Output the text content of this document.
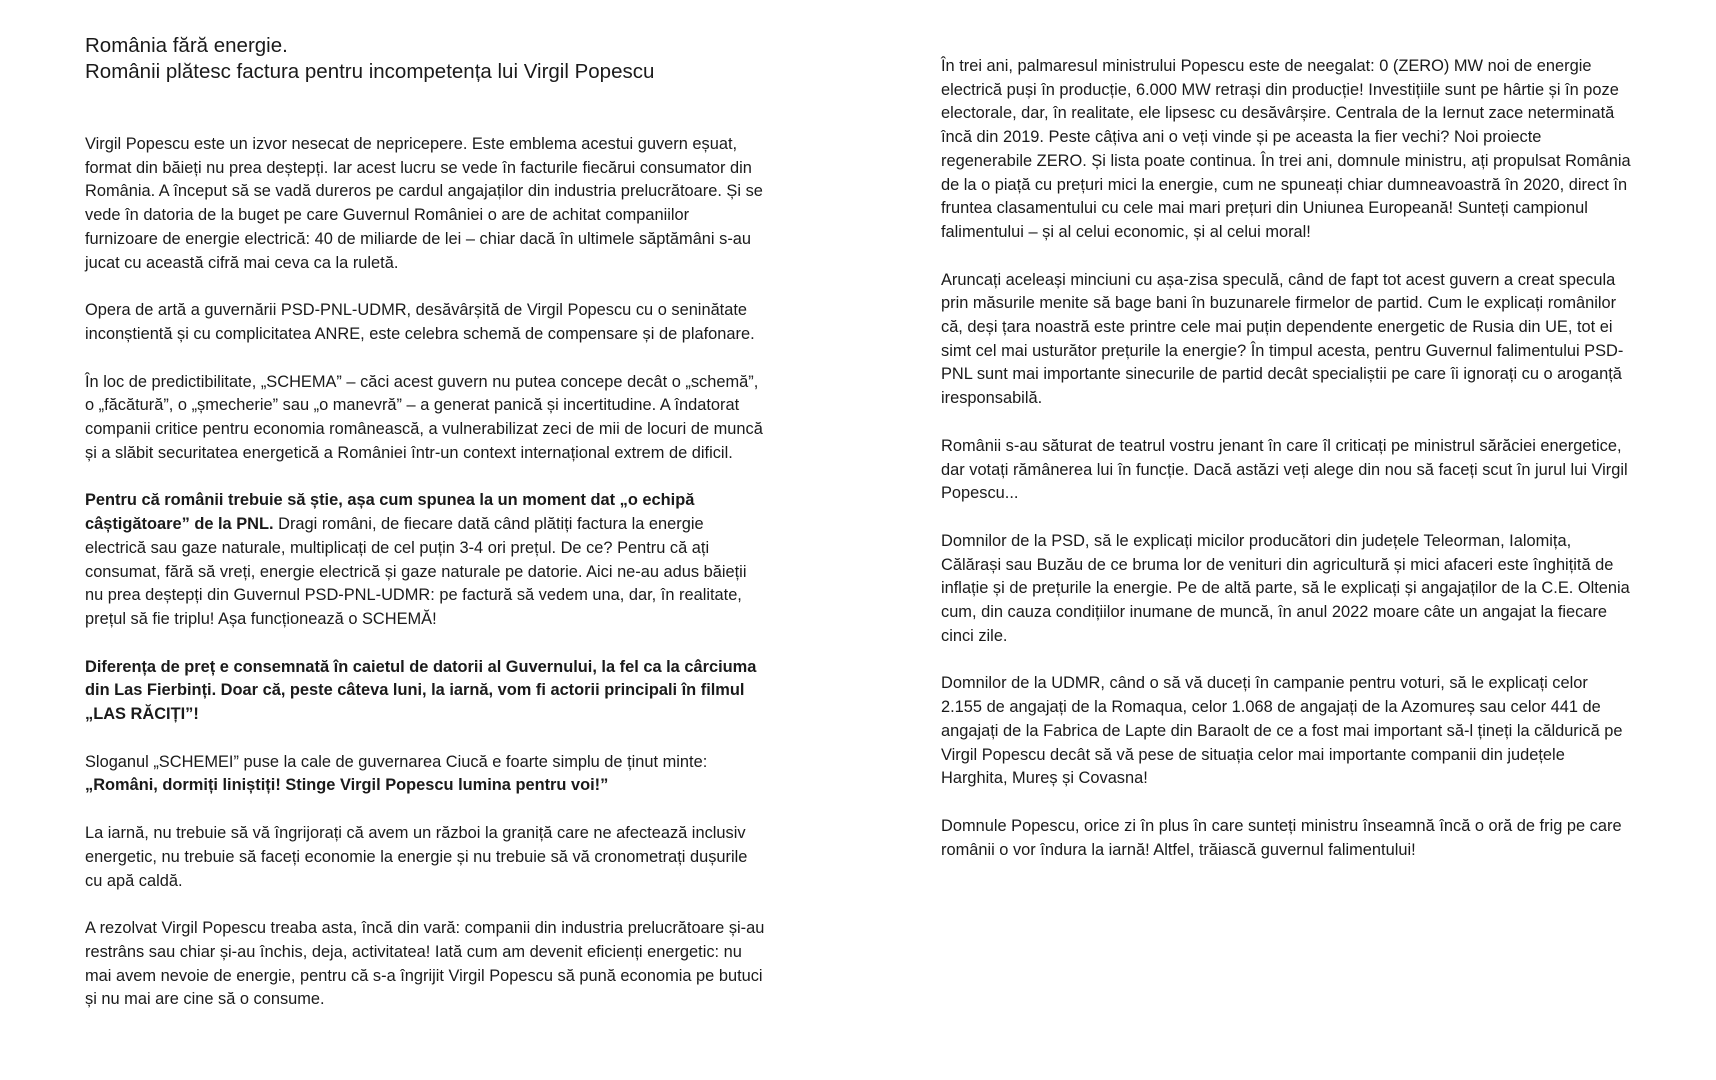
România fără energie.
Românii plătesc factura pentru incompetența lui Virgil Popescu

Virgil Popescu este un izvor nesecat de nepricepere. Este emblema acestui guvern eșuat, format din băieți nu prea deștepți. Iar acest lucru se vede în facturile fiecărui consumator din România. A început să se vadă dureros pe cardul angajaților din industria prelucrătoare. Și se vede în datoria de la buget pe care Guvernul României o are de achitat companiilor furnizoare de energie electrică: 40 de miliarde de lei – chiar dacă în ultimele săptămâni s-au jucat cu această cifră mai ceva ca la ruletă.

Opera de artă a guvernării PSD-PNL-UDMR, desăvârșită de Virgil Popescu cu o seninătate inconștientă și cu complicitatea ANRE, este celebra schemă de compensare și de plafonare.

În loc de predictibilitate, „SCHEMA” – căci acest guvern nu putea concepe decât o „schemă”, o „făcătură”, o „șmecherie” sau „o manevră” – a generat panică și incertitudine. A îndatorat companii critice pentru economia românească, a vulnerabilizat zeci de mii de locuri de muncă și a slăbit securitatea energetică a României într-un context internațional extrem de dificil.

Pentru că românii trebuie să știe, așa cum spunea la un moment dat „o echipă câștigătoare” de la PNL. Dragi români, de fiecare dată când plătiți factura la energie electrică sau gaze naturale, multiplicați de cel puțin 3-4 ori prețul. De ce? Pentru că ați consumat, fără să vreți, energie electrică și gaze naturale pe datorie. Aici ne-au adus băieții nu prea deștepți din Guvernul PSD-PNL-UDMR: pe factură să vedem una, dar, în realitate, prețul să fie triplu! Așa funcționează o SCHEMĂ!

Diferența de preț e consemnată în caietul de datorii al Guvernului, la fel ca la cârciuma din Las Fierbinți. Doar că, peste câteva luni, la iarnă, vom fi actorii principali în filmul „LAS RĂCIȚI”!

Sloganul „SCHEMEI” puse la cale de guvernarea Ciucă e foarte simplu de ținut minte: „Români, dormiți liniștiți! Stinge Virgil Popescu lumina pentru voi!”

La iarnă, nu trebuie să vă îngrijorați că avem un război la graniță care ne afectează inclusiv energetic, nu trebuie să faceți economie la energie și nu trebuie să vă cronometrați dușurile cu apă caldă.

A rezolvat Virgil Popescu treaba asta, încă din vară: companii din industria prelucrătoare și-au restrâns sau chiar și-au închis, deja, activitatea! Iată cum am devenit eficienți energetic: nu mai avem nevoie de energie, pentru că s-a îngrijit Virgil Popescu să pună economia pe butuci și nu mai are cine să o consume.

În trei ani, palmaresul ministrului Popescu este de neegalat: 0 (ZERO) MW noi de energie electrică puși în producție, 6.000 MW retrași din producție! Investițiile sunt pe hârtie și în poze electorale, dar, în realitate, ele lipsesc cu desăvârșire. Centrala de la Iernut zace neterminată încă din 2019. Peste câțiva ani o veți vinde și pe aceasta la fier vechi? Noi proiecte regenerabile ZERO. Și lista poate continua. În trei ani, domnule ministru, ați propulsat România de la o piață cu prețuri mici la energie, cum ne spuneați chiar dumneavoastră în 2020, direct în fruntea clasamentului cu cele mai mari prețuri din Uniunea Europeană! Sunteți campionul falimentului – și al celui economic, și al celui moral!

Aruncați aceleași minciuni cu așa-zisa speculă, când de fapt tot acest guvern a creat specula prin măsurile menite să bage bani în buzunarele firmelor de partid. Cum le explicați românilor că, deși țara noastră este printre cele mai puțin dependente energetic de Rusia din UE, tot ei simt cel mai usturător prețurile la energie? În timpul acesta, pentru Guvernul falimentului PSD-PNL sunt mai importante sinecurile de partid decât specialiștii pe care îi ignorați cu o aroganță iresponsabilă.

Românii s-au săturat de teatrul vostru jenant în care îl criticați pe ministrul sărăciei energetice, dar votați rămânerea lui în funcție. Dacă astăzi veți alege din nou să faceți scut în jurul lui Virgil Popescu...

Domnilor de la PSD, să le explicați micilor producători din județele Teleorman, Ialomița, Călărași sau Buzău de ce bruma lor de venituri din agricultură și mici afaceri este înghițită de inflație și de prețurile la energie. Pe de altă parte, să le explicați și angajaților de la C.E. Oltenia cum, din cauza condițiilor inumane de muncă, în anul 2022 moare câte un angajat la fiecare cinci zile.

Domnilor de la UDMR, când o să vă duceți în campanie pentru voturi, să le explicați celor 2.155 de angajați de la Romaqua, celor 1.068 de angajați de la Azomureș sau celor 441 de angajați de la Fabrica de Lapte din Baraolt de ce a fost mai important să-l țineți la căldurică pe Virgil Popescu decât să vă pese de situația celor mai importante companii din județele Harghita, Mureș și Covasna!

Domnule Popescu, orice zi în plus în care sunteți ministru înseamnă încă o oră de frig pe care românii o vor îndura la iarnă! Altfel, trăiască guvernul falimentului!
